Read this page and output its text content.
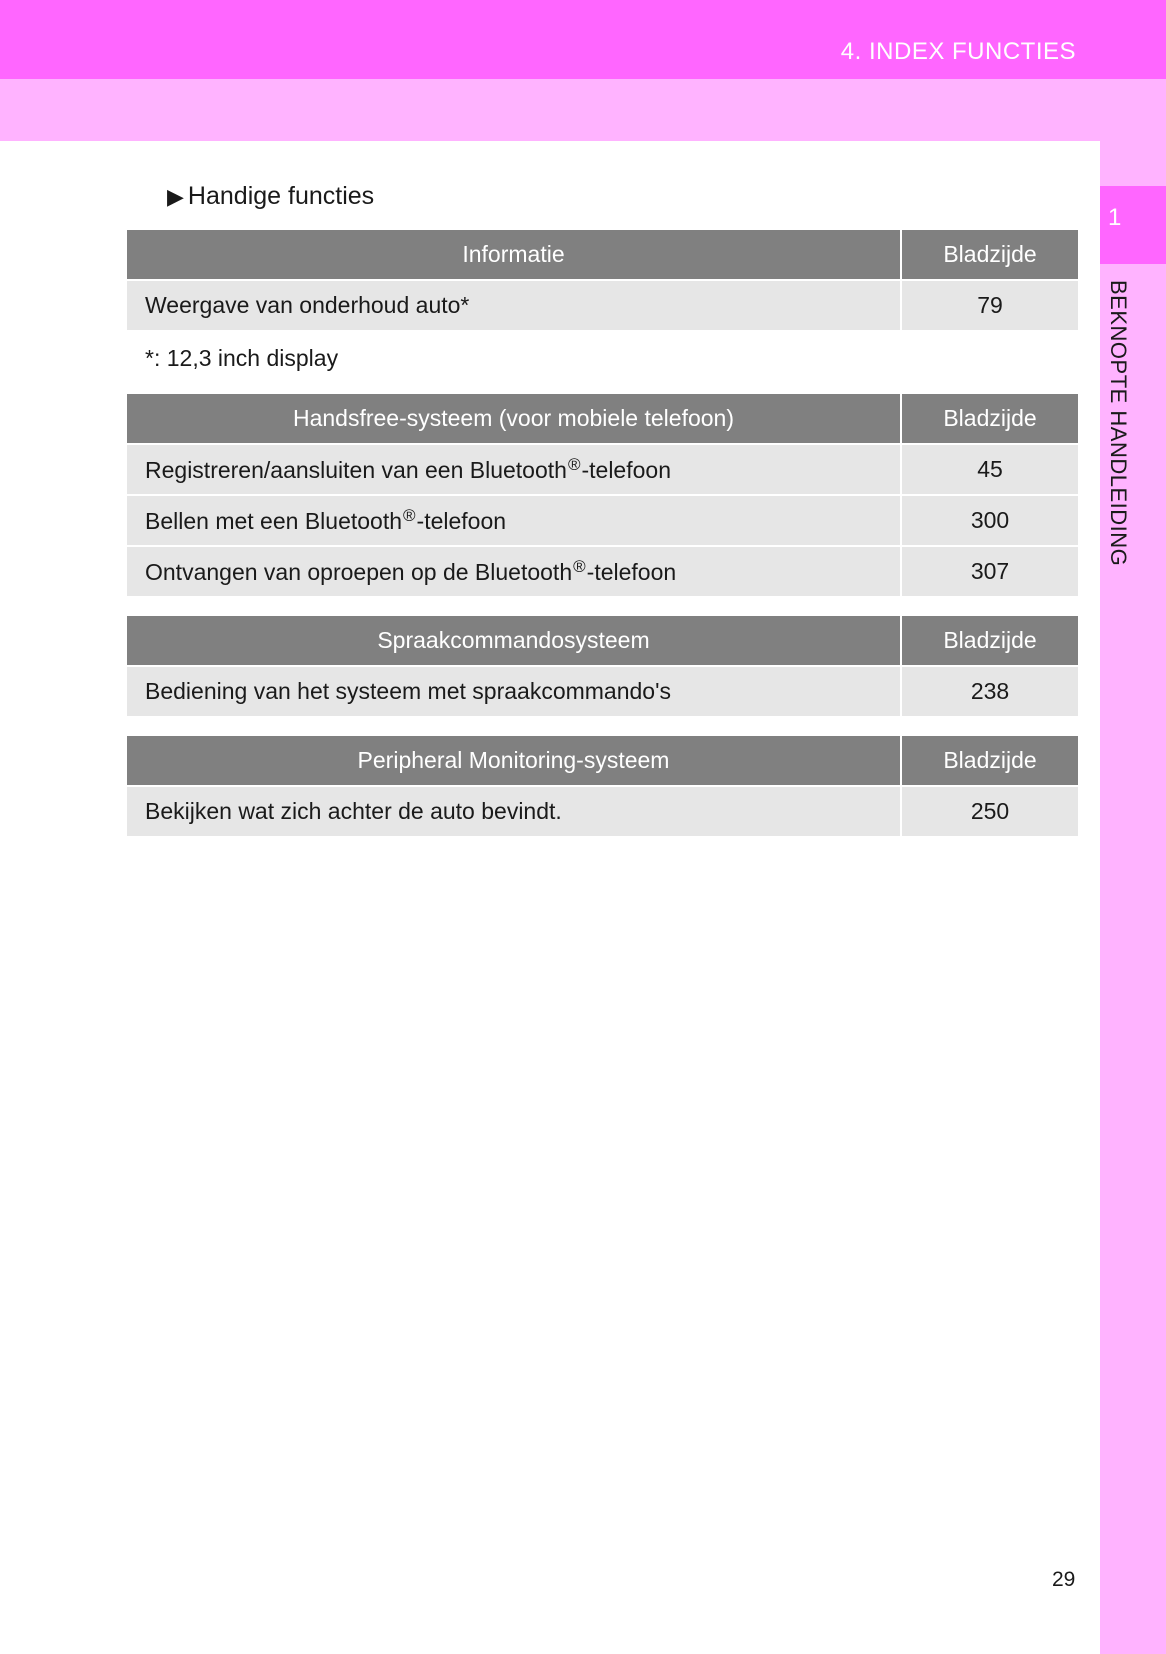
4. INDEX FUNCTIES
1
BEKNOPTE HANDLEIDING
▶ Handige functies
Informatie	Bladzijde
Weergave van onderhoud auto*	79
*: 12,3 inch display
Handsfree-systeem (voor mobiele telefoon)	Bladzijde
Registreren/aansluiten van een Bluetooth®-telefoon	45
Bellen met een Bluetooth®-telefoon	300
Ontvangen van oproepen op de Bluetooth®-telefoon	307
Spraakcommandosysteem	Bladzijde
Bediening van het systeem met spraakcommando's	238
Peripheral Monitoring-systeem	Bladzijde
Bekijken wat zich achter de auto bevindt.	250
29
